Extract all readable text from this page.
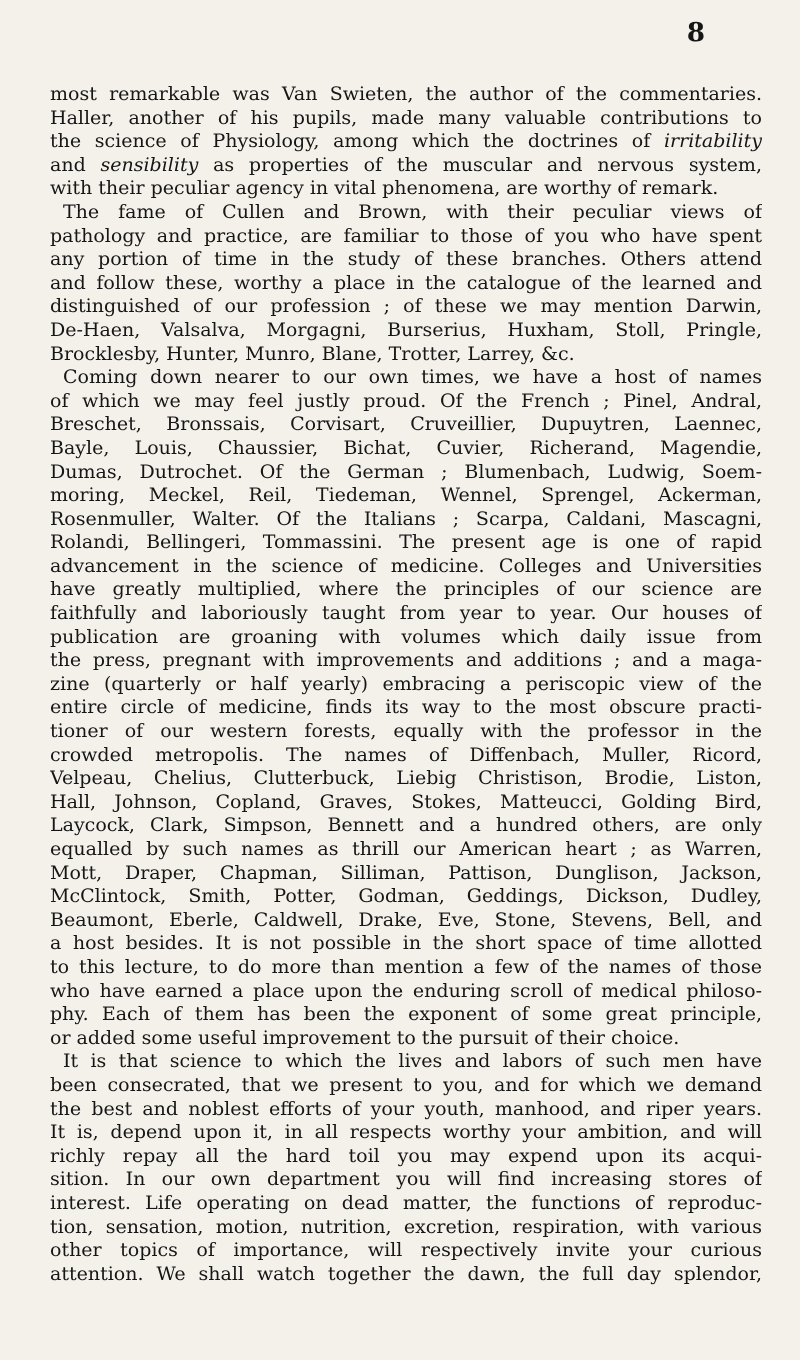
8
most remarkable was Van Swieten, the author of the commentaries.
Haller, another of his pupils, made many valuable contributions to
the science of Physiology, among which the doctrines of irritability
and sensibility as properties of the muscular and nervous system,
with their peculiar agency in vital phenomena, are worthy of remark.
The fame of Cullen and Brown, with their peculiar views of
pathology and practice, are familiar to those of you who have spent
any portion of time in the study of these branches. Others attend
and follow these, worthy a place in the catalogue of the learned and
distinguished of our profession ; of these we may mention Darwin,
De-Haen, Valsalva, Morgagni, Burserius, Huxham, Stoll, Pringle,
Brocklesby, Hunter, Munro, Blane, Trotter, Larrey, &c.
Coming down nearer to our own times, we have a host of names
of which we may feel justly proud. Of the French ; Pinel, Andral,
Breschet, Bronssais, Corvisart, Cruveillier, Dupuytren, Laennec,
Bayle, Louis, Chaussier, Bichat, Cuvier, Richerand, Magendie,
Dumas, Dutrochet. Of the German ; Blumenbach, Ludwig, Soem-
moring, Meckel, Reil, Tiedeman, Wennel, Sprengel, Ackerman,
Rosenmuller, Walter. Of the Italians ; Scarpa, Caldani, Mascagni,
Rolandi, Bellingeri, Tommassini. The present age is one of rapid
advancement in the science of medicine. Colleges and Universities
have greatly multiplied, where the principles of our science are
faithfully and laboriously taught from year to year. Our houses of
publication are groaning with volumes which daily issue from
the press, pregnant with improvements and additions ; and a maga-
zine (quarterly or half yearly) embracing a periscopic view of the
entire circle of medicine, finds its way to the most obscure practi-
tioner of our western forests, equally with the professor in the
crowded metropolis. The names of Diffenbach, Muller, Ricord,
Velpeau, Chelius, Clutterbuck, Liebig Christison, Brodie, Liston,
Hall, Johnson, Copland, Graves, Stokes, Matteucci, Golding Bird,
Laycock, Clark, Simpson, Bennett and a hundred others, are only
equalled by such names as thrill our American heart ; as Warren,
Mott, Draper, Chapman, Silliman, Pattison, Dunglison, Jackson,
McClintock, Smith, Potter, Godman, Geddings, Dickson, Dudley,
Beaumont, Eberle, Caldwell, Drake, Eve, Stone, Stevens, Bell, and
a host besides. It is not possible in the short space of time allotted
to this lecture, to do more than mention a few of the names of those
who have earned a place upon the enduring scroll of medical philoso-
phy. Each of them has been the exponent of some great principle,
or added some useful improvement to the pursuit of their choice.
It is that science to which the lives and labors of such men have
been consecrated, that we present to you, and for which we demand
the best and noblest efforts of your youth, manhood, and riper years.
It is, depend upon it, in all respects worthy your ambition, and will
richly repay all the hard toil you may expend upon its acqui-
sition. In our own department you will find increasing stores of
interest. Life operating on dead matter, the functions of reproduc-
tion, sensation, motion, nutrition, excretion, respiration, with various
other topics of importance, will respectively invite your curious
attention. We shall watch together the dawn, the full day splendor,
